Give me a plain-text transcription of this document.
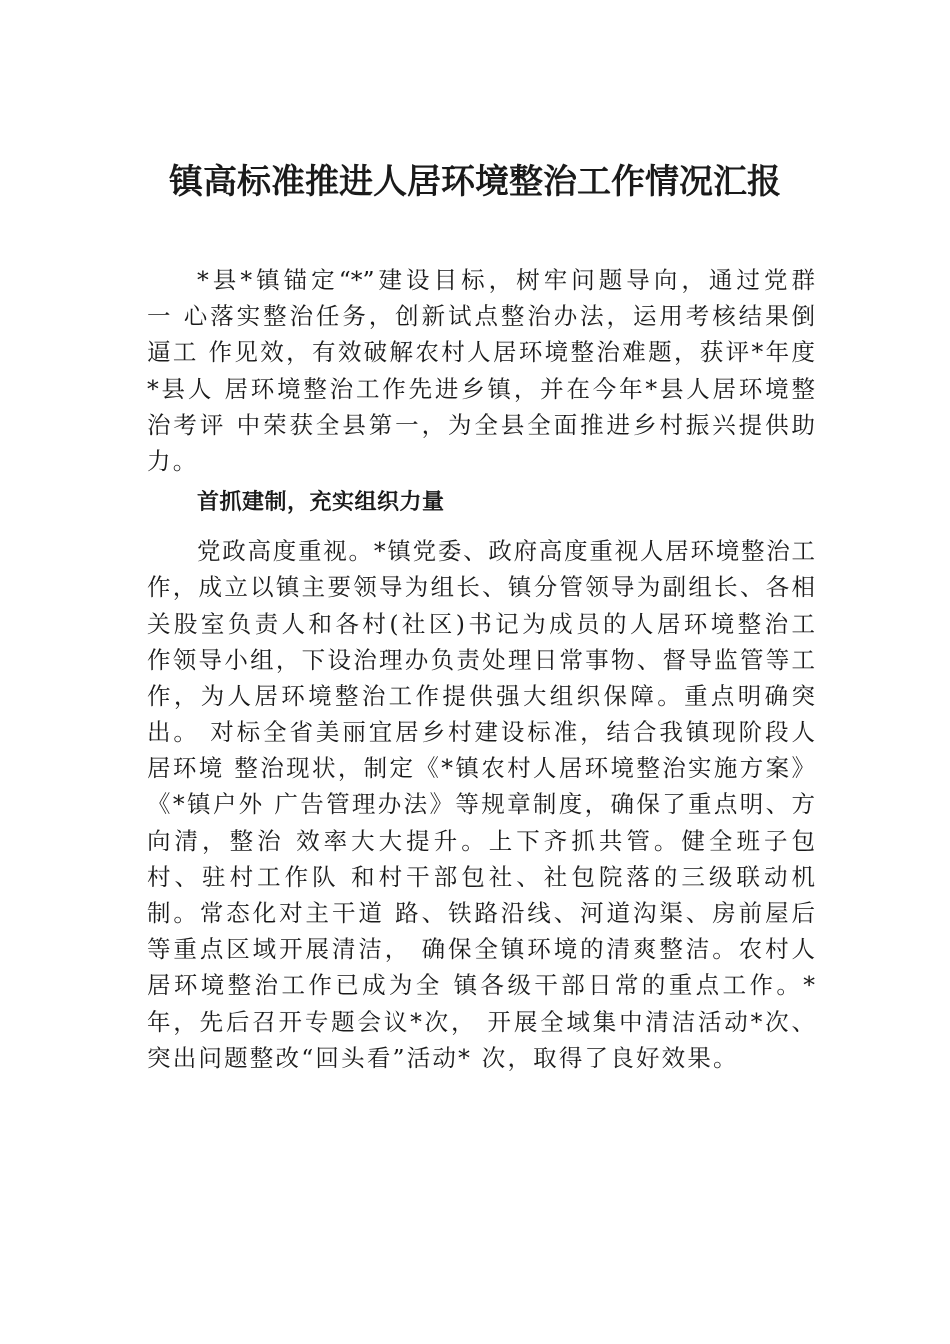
镇高标准推进人居环境整治工作情况汇报
*县*镇锚定“*”建设目标，树牢问题导向，通过党群
一 心落实整治任务，创新试点整治办法，运用考核结果倒
逼工 作见效，有效破解农村人居环境整治难题，获评*年度
*县人 居环境整治工作先进乡镇，并在今年*县人居环境整
治考评 中荣获全县第一，为全县全面推进乡村振兴提供助
力。
首抓建制，充实组织力量
党政高度重视。*镇党委、政府高度重视人居环境整治工
作，成立以镇主要领导为组长、镇分管领导为副组长、各相
关股室负责人和各村(社区)书记为成员的人居环境整治工
作领导小组，下设治理办负责处理日常事物、督导监管等工
作，为人居环境整治工作提供强大组织保障。重点明确突
出。 对标全省美丽宜居乡村建设标准，结合我镇现阶段人
居环境 整治现状，制定《*镇农村人居环境整治实施方案》
《*镇户外 广告管理办法》等规章制度，确保了重点明、方
向清，整治 效率大大提升。上下齐抓共管。健全班子包
村、驻村工作队 和村干部包社、社包院落的三级联动机
制。常态化对主干道 路、铁路沿线、河道沟渠、房前屋后
等重点区域开展清洁， 确保全镇环境的清爽整洁。农村人
居环境整治工作已成为全 镇各级干部日常的重点工作。*
年，先后召开专题会议*次， 开展全域集中清洁活动*次、
突出问题整改“回头看”活动* 次，取得了良好效果。
